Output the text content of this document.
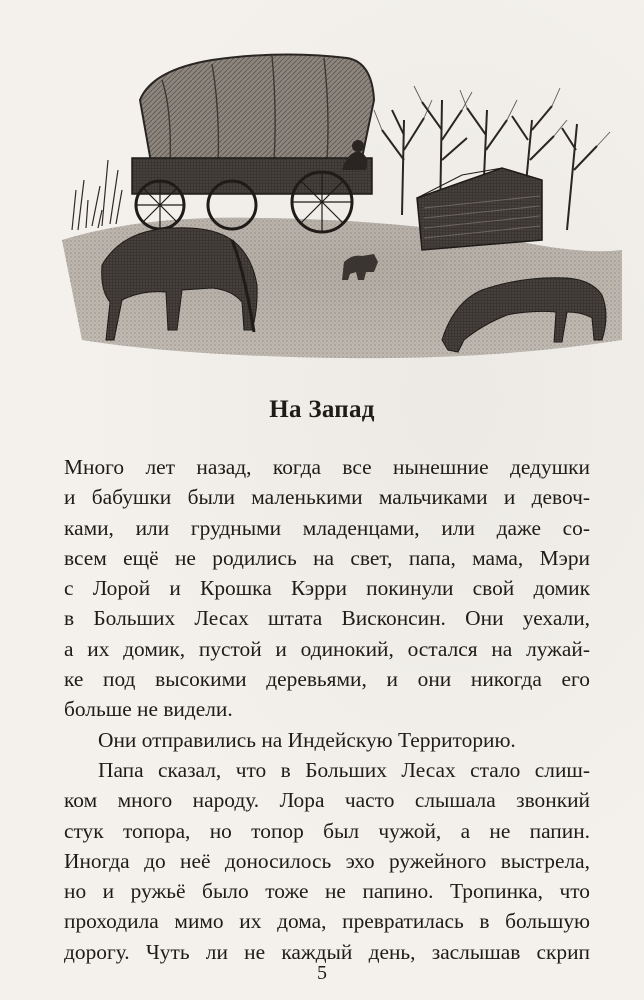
На Запад
Много лет назад, когда все нынешние дедушки
и бабушки были маленькими мальчиками и девоч-
ками, или грудными младенцами, или даже со-
всем ещё не родились на свет, папа, мама, Мэри
с Лорой и Крошка Кэрри покинули свой домик
в Больших Лесах штата Висконсин. Они уехали,
а их домик, пустой и одинокий, остался на лужай-
ке под высокими деревьями, и они никогда его
больше не видели.
Они отправились на Индейскую Территорию.
Папа сказал, что в Больших Лесах стало слиш-
ком много народу. Лора часто слышала звонкий
стук топора, но топор был чужой, а не папин.
Иногда до неё доносилось эхо ружейного выстрела,
но и ружьё было тоже не папино. Тропинка, что
проходила мимо их дома, превратилась в большую
дорогу. Чуть ли не каждый день, заслышав скрип
5
